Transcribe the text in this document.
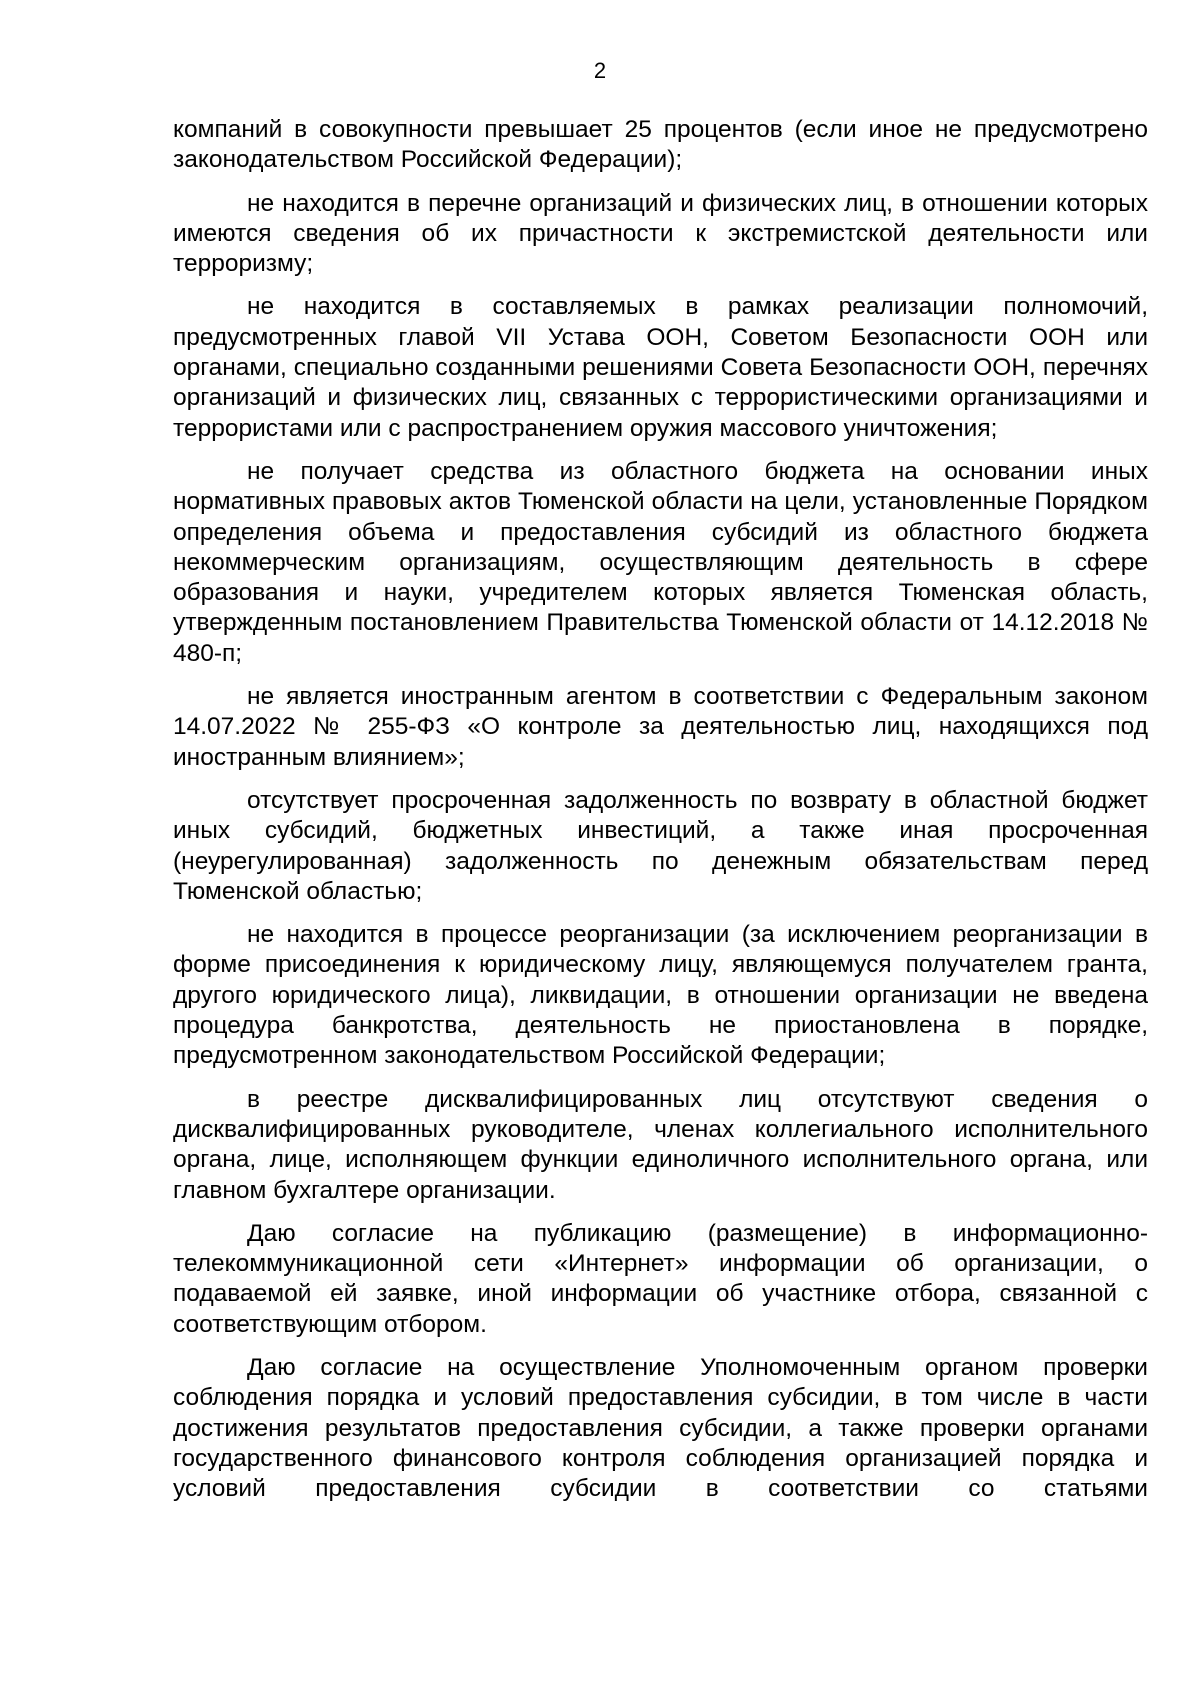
2

компаний в совокупности превышает 25 процентов (если иное не предусмотрено законодательством Российской Федерации);

не находится в перечне организаций и физических лиц, в отношении которых имеются сведения об их причастности к экстремистской деятельности или терроризму;

не находится в составляемых в рамках реализации полномочий, предусмотренных главой VII Устава ООН, Советом Безопасности ООН или органами, специально созданными решениями Совета Безопасности ООН, перечнях организаций и физических лиц, связанных с террористическими организациями и террористами или с распространением оружия массового уничтожения;

не получает средства из областного бюджета на основании иных нормативных правовых актов Тюменской области на цели, установленные Порядком определения объема и предоставления субсидий из областного бюджета некоммерческим организациям, осуществляющим деятельность в сфере образования и науки, учредителем которых является Тюменская область, утвержденным постановлением Правительства Тюменской области от 14.12.2018 № 480-п;

не является иностранным агентом в соответствии с Федеральным законом 14.07.2022 № 255-ФЗ «О контроле за деятельностью лиц, находящихся под иностранным влиянием»;

отсутствует просроченная задолженность по возврату в областной бюджет иных субсидий, бюджетных инвестиций, а также иная просроченная (неурегулированная) задолженность по денежным обязательствам перед Тюменской областью;

не находится в процессе реорганизации (за исключением реорганизации в форме присоединения к юридическому лицу, являющемуся получателем гранта, другого юридического лица), ликвидации, в отношении организации не введена процедура банкротства, деятельность не приостановлена в порядке, предусмотренном законодательством Российской Федерации;

в реестре дисквалифицированных лиц отсутствуют сведения о дисквалифицированных руководителе, членах коллегиального исполнительного органа, лице, исполняющем функции единоличного исполнительного органа, или главном бухгалтере организации.

Даю согласие на публикацию (размещение) в информационно-телекоммуникационной сети «Интернет» информации об организации, о подаваемой ей заявке, иной информации об участнике отбора, связанной с соответствующим отбором.

Даю согласие на осуществление Уполномоченным органом проверки соблюдения порядка и условий предоставления субсидии, в том числе в части достижения результатов предоставления субсидии, а также проверки органами государственного финансового контроля соблюдения организацией порядка и условий предоставления субсидии в соответствии со статьями
